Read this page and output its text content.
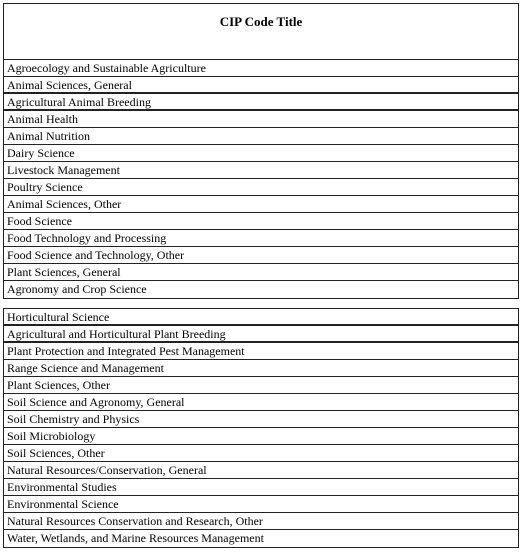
CIP Code Title
Agroecology and Sustainable Agriculture
Animal Sciences, General
Agricultural Animal Breeding
Animal Health
Animal Nutrition
Dairy Science
Livestock Management
Poultry Science
Animal Sciences, Other
Food Science
Food Technology and Processing
Food Science and Technology, Other
Plant Sciences, General
Agronomy and Crop Science
Horticultural Science
Agricultural and Horticultural Plant Breeding
Plant Protection and Integrated Pest Management
Range Science and Management
Plant Sciences, Other
Soil Science and Agronomy, General
Soil Chemistry and Physics
Soil Microbiology
Soil Sciences, Other
Natural Resources/Conservation, General
Environmental Studies
Environmental Science
Natural Resources Conservation and Research, Other
Water, Wetlands, and Marine Resources Management
